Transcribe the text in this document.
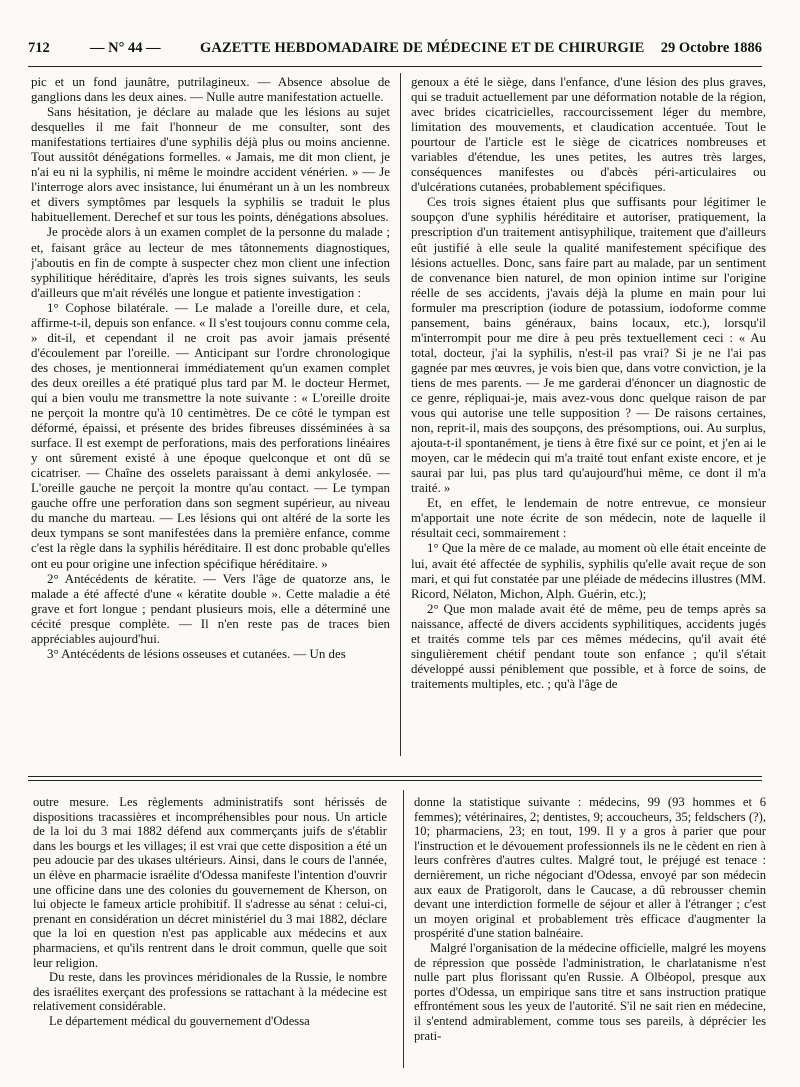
712	— N° 44 —	GAZETTE HEBDOMADAIRE DE MÉDECINE ET DE CHIRURGIE 29 Octobre 1886

pic et un fond jaunâtre, putrilagineux. — Absence absolue de ganglions dans les deux aines. — Nulle autre manifestation actuelle.

Sans hésitation, je déclare au malade que les lésions au sujet desquelles il me fait l'honneur de me consulter, sont des manifestations tertiaires d'une syphilis déjà plus ou moins ancienne. Tout aussitôt dénégations formelles. « Jamais, me dit mon client, je n'ai eu ni la syphilis, ni même le moindre accident vénérien. » — Je l'interroge alors avec insistance, lui énumérant un à un les nombreux et divers symptômes par lesquels la syphilis se traduit le plus habituellement. Derechef et sur tous les points, dénégations absolues.

Je procède alors à un examen complet de la personne du malade ; et, faisant grâce au lecteur de mes tâtonnements diagnostiques, j'aboutis en fin de compte à suspecter chez mon client une infection syphilitique héréditaire, d'après les trois signes suivants, les seuls d'ailleurs que m'ait révélés une longue et patiente investigation :

1° Cophose bilatérale. — Le malade a l'oreille dure, et cela, affirme-t-il, depuis son enfance. « Il s'est toujours connu comme cela, » dit-il, et cependant il ne croit pas avoir jamais présenté d'écoulement par l'oreille. — Anticipant sur l'ordre chronologique des choses, je mentionnerai immédiatement qu'un examen complet des deux oreilles a été pratiqué plus tard par M. le docteur Hermet, qui a bien voulu me transmettre la note suivante : « L'oreille droite ne perçoit la montre qu'à 10 centimètres. De ce côté le tympan est déformé, épaissi, et présente des brides fibreuses disséminées à sa surface. Il est exempt de perforations, mais des perforations linéaires y ont sûrement existé à une époque quelconque et ont dû se cicatriser. — Chaîne des osselets paraissant à demi ankylosée. — L'oreille gauche ne perçoit la montre qu'au contact. — Le tympan gauche offre une perforation dans son segment supérieur, au niveau du manche du marteau. — Les lésions qui ont altéré de la sorte les deux tympans se sont manifestées dans la première enfance, comme c'est la règle dans la syphilis héréditaire. Il est donc probable qu'elles ont eu pour origine une infection spécifique héréditaire. »

2° Antécédents de kératite. — Vers l'âge de quatorze ans, le malade a été affecté d'une « kératite double ». Cette maladie a été grave et fort longue ; pendant plusieurs mois, elle a déterminé une cécité presque complète. — Il n'en reste pas de traces bien appréciables aujourd'hui.

3° Antécédents de lésions osseuses et cutanées. — Un des

genoux a été le siège, dans l'enfance, d'une lésion des plus graves, qui se traduit actuellement par une déformation notable de la région, avec brides cicatricielles, raccourcissement léger du membre, limitation des mouvements, et claudication accentuée. Tout le pourtour de l'article est le siège de cicatrices nombreuses et variables d'étendue, les unes petites, les autres très larges, conséquences manifestes ou d'abcès péri-articulaires ou d'ulcérations cutanées, probablement spécifiques.

Ces trois signes étaient plus que suffisants pour légitimer le soupçon d'une syphilis héréditaire et autoriser, pratiquement, la prescription d'un traitement antisyphilique, traitement que d'ailleurs eût justifié à elle seule la qualité manifestement spécifique des lésions actuelles. Donc, sans faire part au malade, par un sentiment de convenance bien naturel, de mon opinion intime sur l'origine réelle de ses accidents, j'avais déjà la plume en main pour lui formuler ma prescription (iodure de potassium, iodoforme comme pansement, bains généraux, bains locaux, etc.), lorsqu'il m'interrompit pour me dire à peu près textuellement ceci : « Au total, docteur, j'ai la syphilis, n'est-il pas vrai? Si je ne l'ai pas gagnée par mes œuvres, je vois bien que, dans votre conviction, je la tiens de mes parents. — Je me garderai d'énoncer un diagnostic de ce genre, répliquai-je, mais avez-vous donc quelque raison de par vous qui autorise une telle supposition ? — De raisons certaines, non, reprit-il, mais des soupçons, des présomptions, oui. Au surplus, ajouta-t-il spontanément, je tiens à être fixé sur ce point, et j'en ai le moyen, car le médecin qui m'a traité tout enfant existe encore, et je saurai par lui, pas plus tard qu'aujourd'hui même, ce dont il m'a traité. »

Et, en effet, le lendemain de notre entrevue, ce monsieur m'apportait une note écrite de son médecin, note de laquelle il résultait ceci, sommairement :

1° Que la mère de ce malade, au moment où elle était enceinte de lui, avait été affectée de syphilis, syphilis qu'elle avait reçue de son mari, et qui fut constatée par une pléiade de médecins illustres (MM. Ricord, Nélaton, Michon, Alph. Guérin, etc.);

2° Que mon malade avait été de même, peu de temps après sa naissance, affecté de divers accidents syphilitiques, accidents jugés et traités comme tels par ces mêmes médecins, qu'il avait été singulièrement chétif pendant toute son enfance ; qu'il s'était développé aussi péniblement que possible, et à force de soins, de traitements multiples, etc. ; qu'à l'âge de

outre mesure. Les règlements administratifs sont hérissés de dispositions tracassières et incompréhensibles pour nous. Un article de la loi du 3 mai 1882 défend aux commerçants juifs de s'établir dans les bourgs et les villages; il est vrai que cette disposition a été un peu adoucie par des ukases ultérieurs. Ainsi, dans le cours de l'année, un élève en pharmacie israélite d'Odessa manifeste l'intention d'ouvrir une officine dans une des colonies du gouvernement de Kherson, on lui objecte le fameux article prohibitif. Il s'adresse au sénat : celui-ci, prenant en considération un décret ministériel du 3 mai 1882, déclare que la loi en question n'est pas applicable aux médecins et aux pharmaciens, et qu'ils rentrent dans le droit commun, quelle que soit leur religion.

Du reste, dans les provinces méridionales de la Russie, le nombre des israélites exerçant des professions se rattachant à la médecine est relativement considérable.

Le département médical du gouvernement d'Odessa

donne la statistique suivante : médecins, 99 (93 hommes et 6 femmes); vétérinaires, 2; dentistes, 9; accoucheurs, 35; feldschers (?), 10; pharmaciens, 23; en tout, 199. Il y a gros à parier que pour l'instruction et le dévouement professionnels ils ne le cèdent en rien à leurs confrères d'autres cultes. Malgré tout, le préjugé est tenace : dernièrement, un riche négociant d'Odessa, envoyé par son médecin aux eaux de Pratigorolt, dans le Caucase, a dû rebrousser chemin devant une interdiction formelle de séjour et aller à l'étranger ; c'est un moyen original et probablement très efficace d'augmenter la prospérité d'une station balnéaire.

Malgré l'organisation de la médecine officielle, malgré les moyens de répression que possède l'administration, le charlatanisme n'est nulle part plus florissant qu'en Russie. A Olbéopol, presque aux portes d'Odessa, un empirique sans titre et sans instruction pratique effrontément sous les yeux de l'autorité. S'il ne sait rien en médecine, il s'entend admirablement, comme tous ses pareils, à déprécier les prati-
